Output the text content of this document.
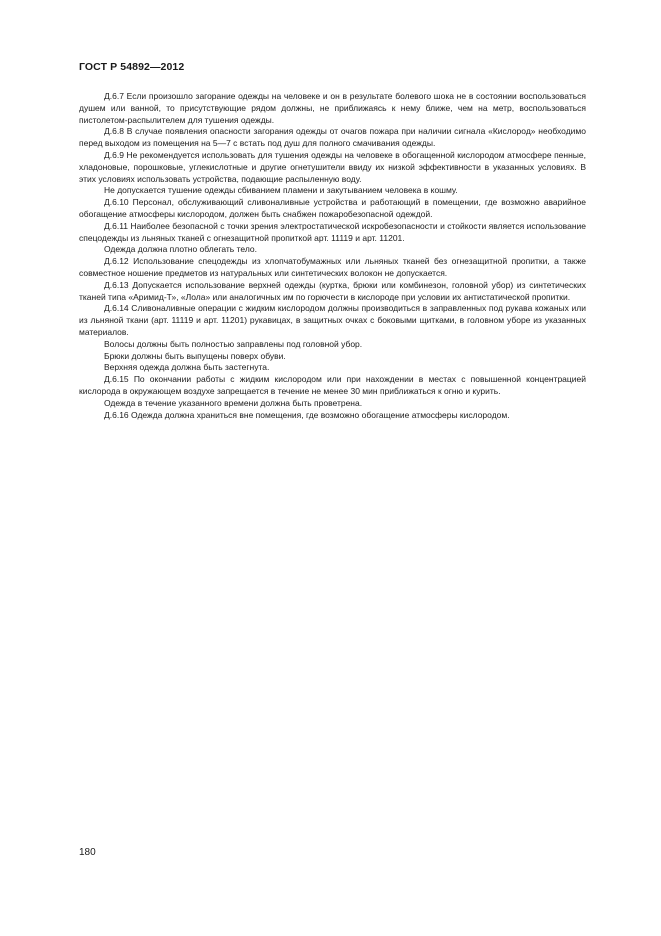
ГОСТ Р 54892—2012

Д.6.7 Если произошло загорание одежды на человеке и он в результате болевого шока не в состоянии воспользоваться душем или ванной, то присутствующие рядом должны, не приближаясь к нему ближе, чем на метр, воспользоваться пистолетом-распылителем для тушения одежды.

Д.6.8 В случае появления опасности загорания одежды от очагов пожара при наличии сигнала «Кислород» необходимо перед выходом из помещения на 5—7 с встать под душ для полного смачивания одежды.

Д.6.9 Не рекомендуется использовать для тушения одежды на человеке в обогащенной кислородом атмосфере пенные, хладоновые, порошковые, углекислотные и другие огнетушители ввиду их низкой эффективности в указанных условиях. В этих условиях использовать устройства, подающие распыленную воду.

Не допускается тушение одежды сбиванием пламени и закутыванием человека в кошму.

Д.6.10 Персонал, обслуживающий сливоналивные устройства и работающий в помещении, где возможно аварийное обогащение атмосферы кислородом, должен быть снабжен пожаробезопасной одеждой.

Д.6.11 Наиболее безопасной с точки зрения электростатической искробезопасности и стойкости является использование спецодежды из льняных тканей с огнезащитной пропиткой арт. 11119 и арт. 11201.

Одежда должна плотно облегать тело.

Д.6.12 Использование спецодежды из хлопчатобумажных или льняных тканей без огнезащитной пропитки, а также совместное ношение предметов из натуральных или синтетических волокон не допускается.

Д.6.13 Допускается использование верхней одежды (куртка, брюки или комбинезон, головной убор) из синтетических тканей типа «Аримид-Т», «Лола» или аналогичных им по горючести в кислороде при условии их антистатической пропитки.

Д.6.14 Сливоналивные операции с жидким кислородом должны производиться в заправленных под рукава кожаных или из льняной ткани (арт. 11119 и арт. 11201) рукавицах, в защитных очках с боковыми щитками, в головном уборе из указанных материалов.

Волосы должны быть полностью заправлены под головной убор.

Брюки должны быть выпущены поверх обуви.

Верхняя одежда должна быть застегнута.

Д.6.15 По окончании работы с жидким кислородом или при нахождении в местах с повышенной концентрацией кислорода в окружающем воздухе запрещается в течение не менее 30 мин приближаться к огню и курить.

Одежда в течение указанного времени должна быть проветрена.

Д.6.16 Одежда должна храниться вне помещения, где возможно обогащение атмосферы кислородом.

180
